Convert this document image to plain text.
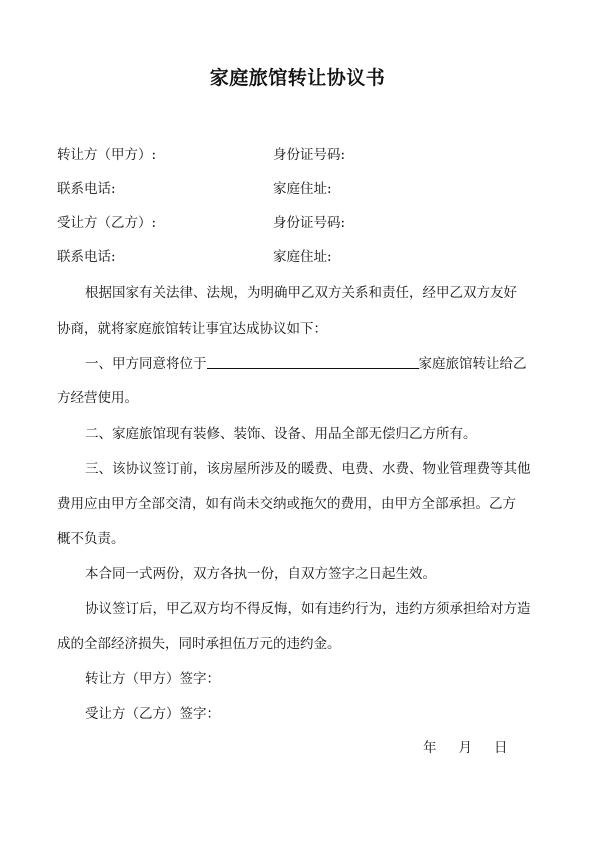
家庭旅馆转让协议书
转让方（甲方）:	身份证号码:
联系电话:	家庭住址:
受让方（乙方）:	身份证号码:
联系电话:	家庭住址:
根据国家有关法律、法规，为明确甲乙双方关系和责任，经甲乙双方友好
协商，就将家庭旅馆转让事宜达成协议如下：
一、甲方同意将位于	家庭旅馆转让给乙
方经营使用。
二、家庭旅馆现有装修、装饰、设备、用品全部无偿归乙方所有。
三、该协议签订前，该房屋所涉及的暖费、电费、水费、物业管理费等其他
费用应由甲方全部交清，如有尚未交纳或拖欠的费用，由甲方全部承担。乙方
概不负责。
本合同一式两份，双方各执一份，自双方签字之日起生效。
协议签订后，甲乙双方均不得反悔，如有违约行为，违约方须承担给对方造
成的全部经济损失，同时承担伍万元的违约金。
转让方（甲方）签字：
受让方（乙方）签字：
年 月 日
